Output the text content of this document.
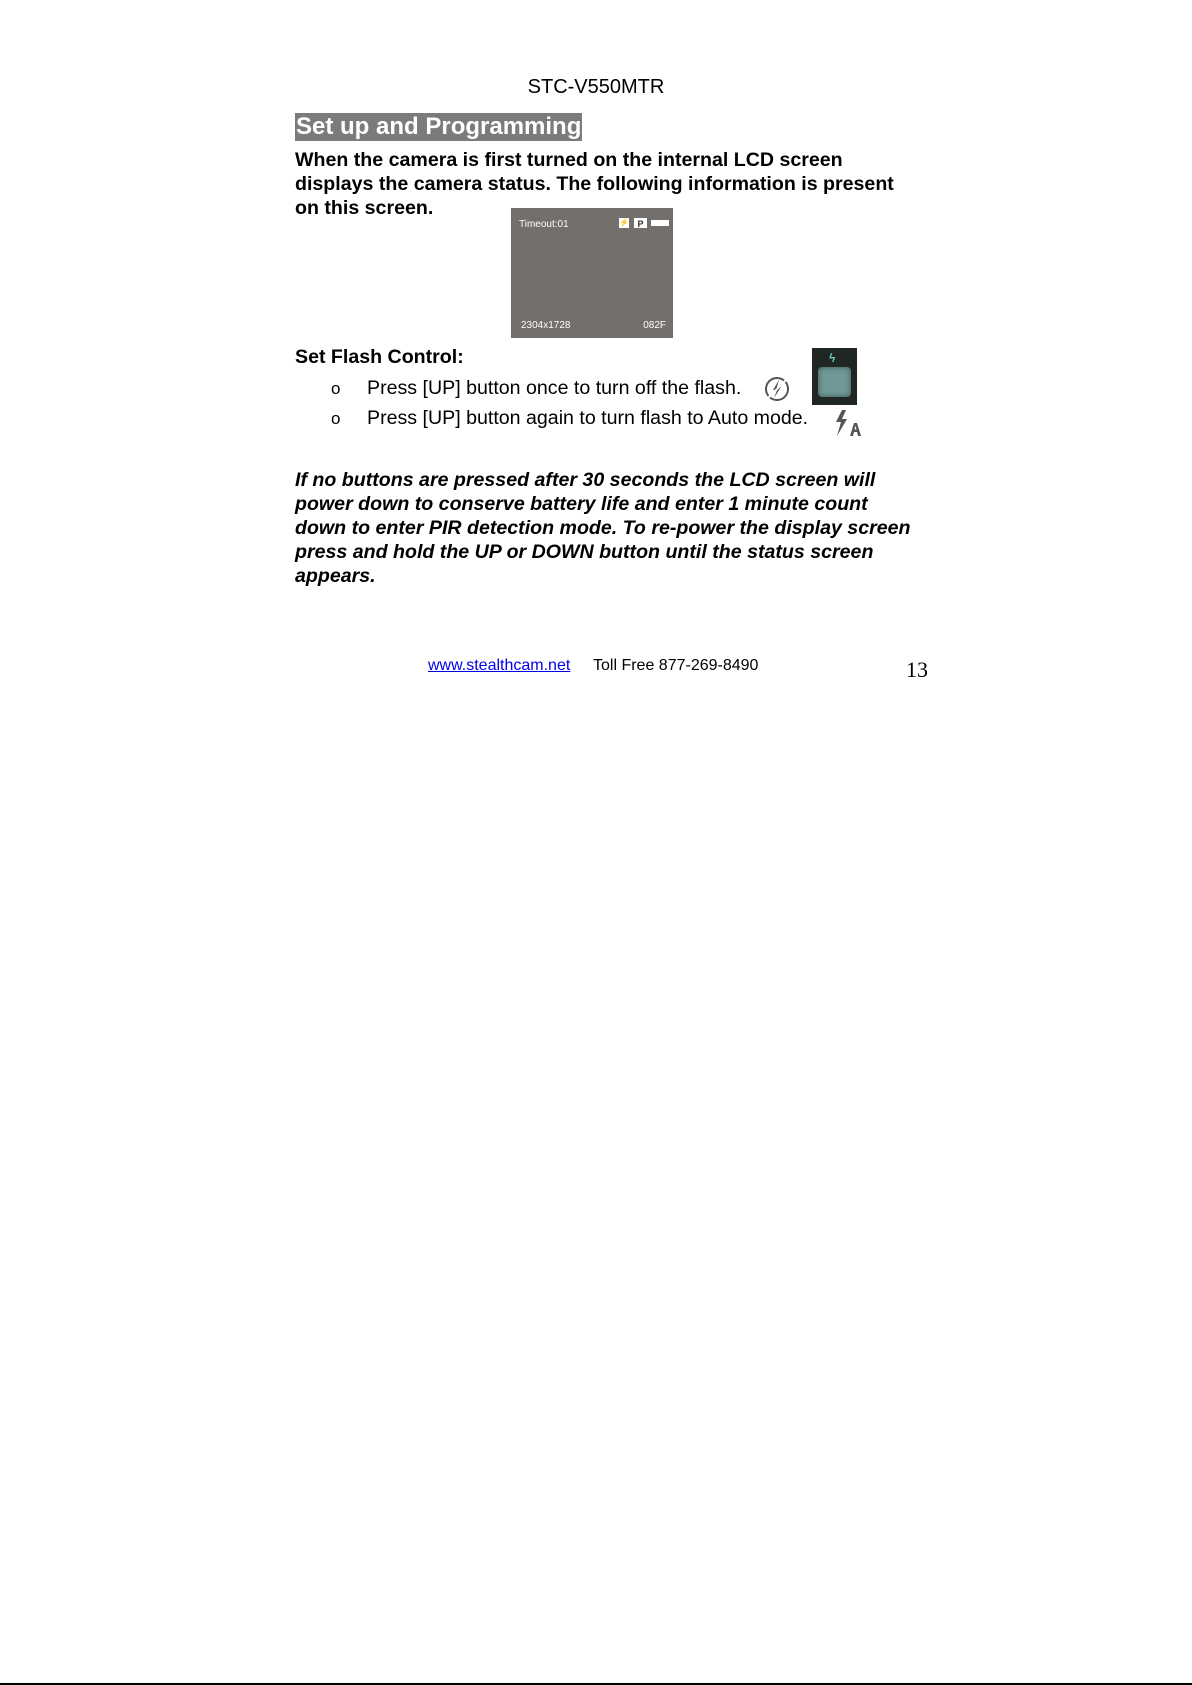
STC-V550MTR
Set up and Programming
When the camera is first turned on the internal LCD screen displays the camera status. The following information is present on this screen.
Timeout:01	⚡ P
2304x1728	082F
Set Flash Control:
o Press [UP] button once to turn off the flash.
ϟ
o Press [UP] button again to turn flash to Auto mode.
If no buttons are pressed after 30 seconds the LCD screen will power down to conserve battery life and enter 1 minute count down to enter PIR detection mode. To re-power the display screen press and hold the UP or DOWN button until the status screen appears.
www.stealthcam.net Toll Free 877-269-8490	13
